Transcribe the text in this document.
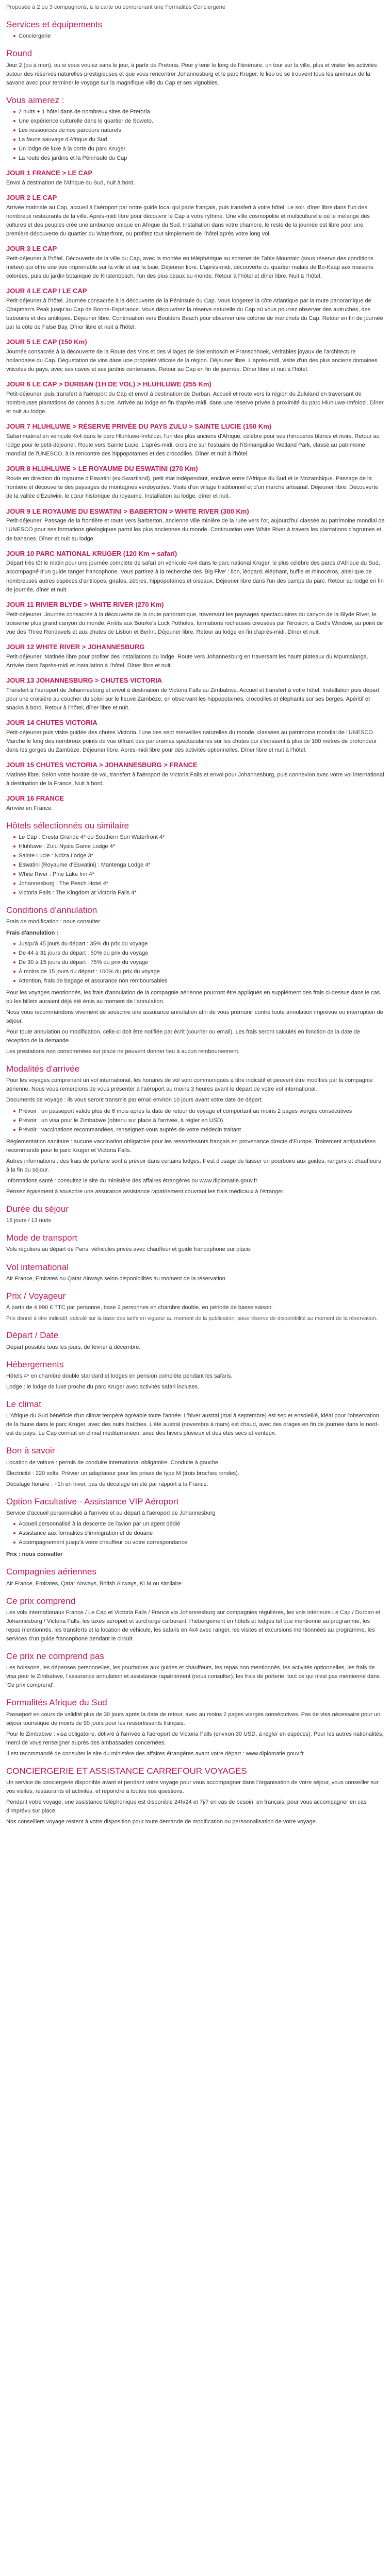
Proposée à 2 ou 3 compagnons, à la carte ou comprenant une Formalités Conciergerie

Services et équipements
Conciergerie
Round

Jour 2 (ou à mon), ou si vous voulez sans le jour, à partir de Pretoria. Pour y tenir le long de l'itinéraire, un tour sur la ville, plus et visiter les activités autour des réserves naturelles prestigieuses et que vous rencontrer Johannesburg et le parc Kruger, le lieu où se trouvent tous les animaux de la savane avec pour terminer le voyage sur la magnifique ville du Cap et ses vignobles.

Vous aimerez :
2 nuits + 1 hôtel dans de nombreux sites de Pretoria.
Une expérience culturelle dans le quartier de Soweto.
Les ressources de nos parcours naturels
La faune sauvage d'Afrique du Sud
Un lodge de luxe à la porte du parc Kruger
La route des jardins et la Péninsule du Cap
JOUR 1 FRANCE > LE CAP

Envol à destination de l'Afrique du Sud, nuit à bord.

JOUR 2 LE CAP

Arrivée matinale au Cap, accueil à l'aéroport par notre guide local qui parle français, puis transfert à votre hôtel. Le soir, dîner libre dans l'un des nombreux restaurants de la ville. Après-midi libre pour découvrir le Cap à votre rythme. Une ville cosmopolite et multiculturelle où le mélange des cultures et des peuples crée une ambiance unique en Afrique du Sud. Installation dans votre chambre, le reste de la journée est libre pour une première découverte du quartier du Waterfront, ou profitez tout simplement de l'hôtel après votre long vol.

JOUR 3 LE CAP

Petit-déjeuner à l'hôtel. Découverte de la ville du Cap, avec la montée en téléphérique au sommet de Table Mountain (sous réserve des conditions météo) qui offre une vue imprenable sur la ville et sur la baie. Déjeuner libre. L'après-midi, découverte du quartier malais de Bo-Kaap aux maisons colorées, puis du jardin botanique de Kirstenbosch, l'un des plus beaux au monde. Retour à l'hôtel et dîner libre. Nuit à l'hôtel.

JOUR 4 LE CAP / LE CAP

Petit-déjeuner à l'hôtel. Journée consacrée à la découverte de la Péninsule du Cap. Vous longerez la côte Atlantique par la route panoramique de Chapman's Peak jusqu'au Cap de Bonne-Espérance. Vous découvrirez la réserve naturelle du Cap où vous pourrez observer des autruches, des babouins et des antilopes. Déjeuner libre. Continuation vers Boulders Beach pour observer une colonie de manchots du Cap. Retour en fin de journée par la côte de False Bay. Dîner libre et nuit à l'hôtel.

JOUR 5 LE CAP (150 Km)

Journée consacrée à la découverte de la Route des Vins et des villages de Stellenbosch et Franschhoek, véritables joyaux de l'architecture hollandaise du Cap. Dégustation de vins dans une propriété viticole de la région. Déjeuner libre. L'après-midi, visite d'un des plus anciens domaines viticoles du pays, avec ses caves et ses jardins centenaires. Retour au Cap en fin de journée. Dîner libre et nuit à l'hôtel.

JOUR 6 LE CAP > DURBAN (1H DE VOL) > HLUHLUWE (255 Km)

Petit-déjeuner, puis transfert à l'aéroport du Cap et envol à destination de Durban. Accueil et route vers la région du Zululand en traversant de nombreuses plantations de cannes à sucre. Arrivée au lodge en fin d'après-midi, dans une réserve privée à proximité du parc Hluhluwe-Imfolozi. Dîner et nuit au lodge.

JOUR 7 HLUHLUWE > RÉSERVE PRIVÉE DU PAYS ZULU > SAINTE LUCIE (150 Km)

Safari matinal en véhicule 4x4 dans le parc Hluhluwe-Imfolozi, l'un des plus anciens d'Afrique, célèbre pour ses rhinocéros blancs et noirs. Retour au lodge pour le petit-déjeuner. Route vers Sainte Lucie. L'après-midi, croisière sur l'estuaire de l'iSimangaliso Wetland Park, classé au patrimoine mondial de l'UNESCO, à la rencontre des hippopotames et des crocodiles. Dîner et nuit à l'hôtel.

JOUR 8 HLUHLUWE > LE ROYAUME DU ESWATINI (270 Km)

Route en direction du royaume d'Eswatini (ex-Swaziland), petit état indépendant, enclavé entre l'Afrique du Sud et le Mozambique. Passage de la frontière et découverte des paysages de montagnes verdoyantes. Visite d'un village traditionnel et d'un marché artisanal. Déjeuner libre. Découverte de la vallée d'Ezulwini, le cœur historique du royaume. Installation au lodge, dîner et nuit.

JOUR 9 LE ROYAUME DU ESWATINI > BABERTON > WHITE RIVER (300 Km)

Petit-déjeuner. Passage de la frontière et route vers Barberton, ancienne ville minière de la ruée vers l'or, aujourd'hui classée au patrimoine mondial de l'UNESCO pour ses formations géologiques parmi les plus anciennes du monde. Continuation vers White River à travers les plantations d'agrumes et de bananes. Dîner et nuit au lodge.

JOUR 10 PARC NATIONAL KRUGER (120 Km + safari)

Départ très tôt le matin pour une journée complète de safari en véhicule 4x4 dans le parc national Kruger, le plus célèbre des parcs d'Afrique du Sud, accompagné d'un guide ranger francophone. Vous partirez à la recherche des 'Big Five' : lion, léopard, éléphant, buffle et rhinocéros, ainsi que de nombreuses autres espèces d'antilopes, girafes, zèbres, hippopotames et oiseaux. Déjeuner libre dans l'un des camps du parc. Retour au lodge en fin de journée, dîner et nuit.

JOUR 11 RIVIER BLYDE > WHITE RIVER (270 Km)

Petit-déjeuner. Journée consacrée à la découverte de la route panoramique, traversant les paysages spectaculaires du canyon de la Blyde River, le troisième plus grand canyon du monde. Arrêts aux Bourke's Luck Potholes, formations rocheuses creusées par l'érosion, à God's Window, au point de vue des Three Rondavels et aux chutes de Lisbon et Berlin. Déjeuner libre. Retour au lodge en fin d'après-midi. Dîner et nuit.

JOUR 12 WHITE RIVER > JOHANNESBURG

Petit-déjeuner. Matinée libre pour profiter des installations du lodge. Route vers Johannesburg en traversant les hauts plateaux du Mpumalanga. Arrivée dans l'après-midi et installation à l'hôtel. Dîner libre et nuit.

JOUR 13 JOHANNESBURG > CHUTES VICTORIA

Transfert à l'aéroport de Johannesburg et envol à destination de Victoria Falls au Zimbabwe. Accueil et transfert à votre hôtel. Installation puis départ pour une croisière au coucher du soleil sur le fleuve Zambèze, en observant les hippopotames, crocodiles et éléphants sur ses berges. Apéritif et snacks à bord. Retour à l'hôtel, dîner libre et nuit.

JOUR 14 CHUTES VICTORIA

Petit-déjeuner puis visite guidée des chutes Victoria, l'une des sept merveilles naturelles du monde, classées au patrimoine mondial de l'UNESCO. Marche le long des nombreux points de vue offrant des panoramas spectaculaires sur les chutes qui s'écrasent à plus de 100 mètres de profondeur dans les gorges du Zambèze. Déjeuner libre. Après-midi libre pour des activités optionnelles. Dîner libre et nuit à l'hôtel.

JOUR 15 CHUTES VICTORIA > JOHANNESBURG > FRANCE

Matinée libre. Selon votre horaire de vol, transfert à l'aéroport de Victoria Falls et envol pour Johannesburg, puis connexion avec votre vol international à destination de la France. Nuit à bord.

JOUR 16 FRANCE

Arrivée en France.

Hôtels sélectionnés ou similaire
Le Cap : Cresta Grande 4* ou Southern Sun Waterfront 4*
Hluhluwe : Zulu Nyala Game Lodge 4*
Sainte Lucie : Ndiza Lodge 3*
Eswatini (Royaume d'Eswatini) : Mantenga Lodge 4*
White River : Pine Lake Inn 4*
Johannesburg : The Peech Hotel 4*
Victoria Falls : The Kingdom at Victoria Falls 4*
Conditions d'annulation

Frais de modification : nous consulter

Frais d'annulation :

Jusqu'à 45 jours du départ : 35% du prix du voyage
De 44 à 31 jours du départ : 50% du prix du voyage
De 30 à 15 jours du départ : 75% du prix du voyage
À moins de 15 jours du départ : 100% du prix du voyage
Attention, frais de bagage et assurance non remboursables

Pour les voyages mentionnés, les frais d'annulation de la compagnie aérienne pourront être appliqués en supplément des frais ci-dessus dans le cas où les billets auraient déjà été émis au moment de l'annulation.

Nous vous recommandons vivement de souscrire une assurance annulation afin de vous prémunir contre toute annulation imprévue ou interruption de séjour.

Pour toute annulation ou modification, celle-ci doit être notifiée par écrit (courrier ou email). Les frais seront calculés en fonction de la date de réception de la demande.

Les prestations non consommées sur place ne peuvent donner lieu à aucun remboursement.

Modalités d'arrivée

Pour les voyages comprenant un vol international, les horaires de vol sont communiqués à titre indicatif et peuvent être modifiés par la compagnie aérienne. Nous vous remercions de vous présenter à l'aéroport au moins 3 heures avant le départ de votre vol international.

Documents de voyage : ils vous seront transmis par email environ 10 jours avant votre date de départ.

Prévoir : un passeport valide plus de 6 mois après la date de retour du voyage et comportant au moins 2 pages vierges consécutives
Prévoir : un visa pour le Zimbabwe (obtenu sur place à l'arrivée, à régler en USD)
Prévoir : vaccinations recommandées, renseignez-vous auprès de votre médecin traitant

Réglementation sanitaire : aucune vaccination obligatoire pour les ressortissants français en provenance directe d'Europe. Traitement antipaludéen recommandé pour le parc Kruger et Victoria Falls.

Autres informations : des frais de porterie sont à prévoir dans certains lodges. Il est d'usage de laisser un pourboire aux guides, rangers et chauffeurs à la fin du séjour.

Informations santé : consultez le site du ministère des affaires étrangères ou www.diplomatie.gouv.fr

Pensez également à souscrire une assurance assistance rapatriement couvrant les frais médicaux à l'étranger.

Durée du séjour

16 jours / 13 nuits

Mode de transport

Vols réguliers au départ de Paris, véhicules privés avec chauffeur et guide francophone sur place.

Vol international

Air France, Emirates ou Qatar Airways selon disponibilités au moment de la réservation

Prix / Voyageur

À partir de 4 990 € TTC par personne, base 2 personnes en chambre double, en période de basse saison.

Prix donné à titre indicatif, calculé sur la base des tarifs en vigueur au moment de la publication, sous réserve de disponibilité au moment de la réservation.

Départ / Date

Départ possible tous les jours, de février à décembre.

Hébergements

Hôtels 4* en chambre double standard et lodges en pension complète pendant les safaris.

Lodge : le lodge de luxe proche du parc Kruger avec activités safari incluses.

Le climat

L'Afrique du Sud bénéficie d'un climat tempéré agréable toute l'année. L'hiver austral (mai à septembre) est sec et ensoleillé, idéal pour l'observation de la faune dans le parc Kruger, avec des nuits fraîches. L'été austral (novembre à mars) est chaud, avec des orages en fin de journée dans le nord-est du pays. Le Cap connaît un climat méditerranéen, avec des hivers pluvieux et des étés secs et venteux.

Bon à savoir

Location de voiture : permis de conduire international obligatoire. Conduite à gauche.

Électricité : 220 volts. Prévoir un adaptateur pour les prises de type M (trois broches rondes).

Décalage horaire : +1h en hiver, pas de décalage en été par rapport à la France.

Option Facultative - Assistance VIP Aéroport

Service d'accueil personnalisé à l'arrivée et au départ à l'aéroport de Johannesburg

Accueil personnalisé à la descente de l'avion par un agent dédié
Assistance aux formalités d'immigration et de douane
Accompagnement jusqu'à votre chauffeur ou votre correspondance

Prix : nous consulter

Compagnies aériennes

Air France, Emirates, Qatar Airways, British Airways, KLM ou similaire

Ce prix comprend

Les vols internationaux France / Le Cap et Victoria Falls / France via Johannesburg sur compagnies régulières, les vols intérieurs Le Cap / Durban et Johannesburg / Victoria Falls, les taxes aéroport et surcharge carburant, l'hébergement en hôtels et lodges tel que mentionné au programme, les repas mentionnés, les transferts et la location de véhicule, les safaris en 4x4 avec ranger, les visites et excursions mentionnées au programme, les services d'un guide francophone pendant le circuit.

Ce prix ne comprend pas

Les boissons, les dépenses personnelles, les pourboires aux guides et chauffeurs, les repas non mentionnés, les activités optionnelles, les frais de visa pour le Zimbabwe, l'assurance annulation et assistance rapatriement (nous consulter), les frais de porterie, tout ce qui n'est pas mentionné dans 'Ce prix comprend'.

Formalités Afrique du Sud

Passeport en cours de validité plus de 30 jours après la date de retour, avec au moins 2 pages vierges consécutives. Pas de visa nécessaire pour un séjour touristique de moins de 90 jours pour les ressortissants français.

Pour le Zimbabwe : visa obligatoire, délivré à l'arrivée à l'aéroport de Victoria Falls (environ 30 USD, à régler en espèces). Pour les autres nationalités, merci de vous renseigner auprès des ambassades concernées.

Il est recommandé de consulter le site du ministère des affaires étrangères avant votre départ : www.diplomatie.gouv.fr

CONCIERGERIE ET ASSISTANCE CARREFOUR VOYAGES

Un service de conciergerie disponible avant et pendant votre voyage pour vous accompagner dans l'organisation de votre séjour, vous conseiller sur vos visites, restaurants et activités, et répondre à toutes vos questions.

Pendant votre voyage, une assistance téléphonique est disponible 24h/24 et 7j/7 en cas de besoin, en français, pour vous accompagner en cas d'imprévu sur place.

Nos conseillers voyage restent à votre disposition pour toute demande de modification ou personnalisation de votre voyage.
